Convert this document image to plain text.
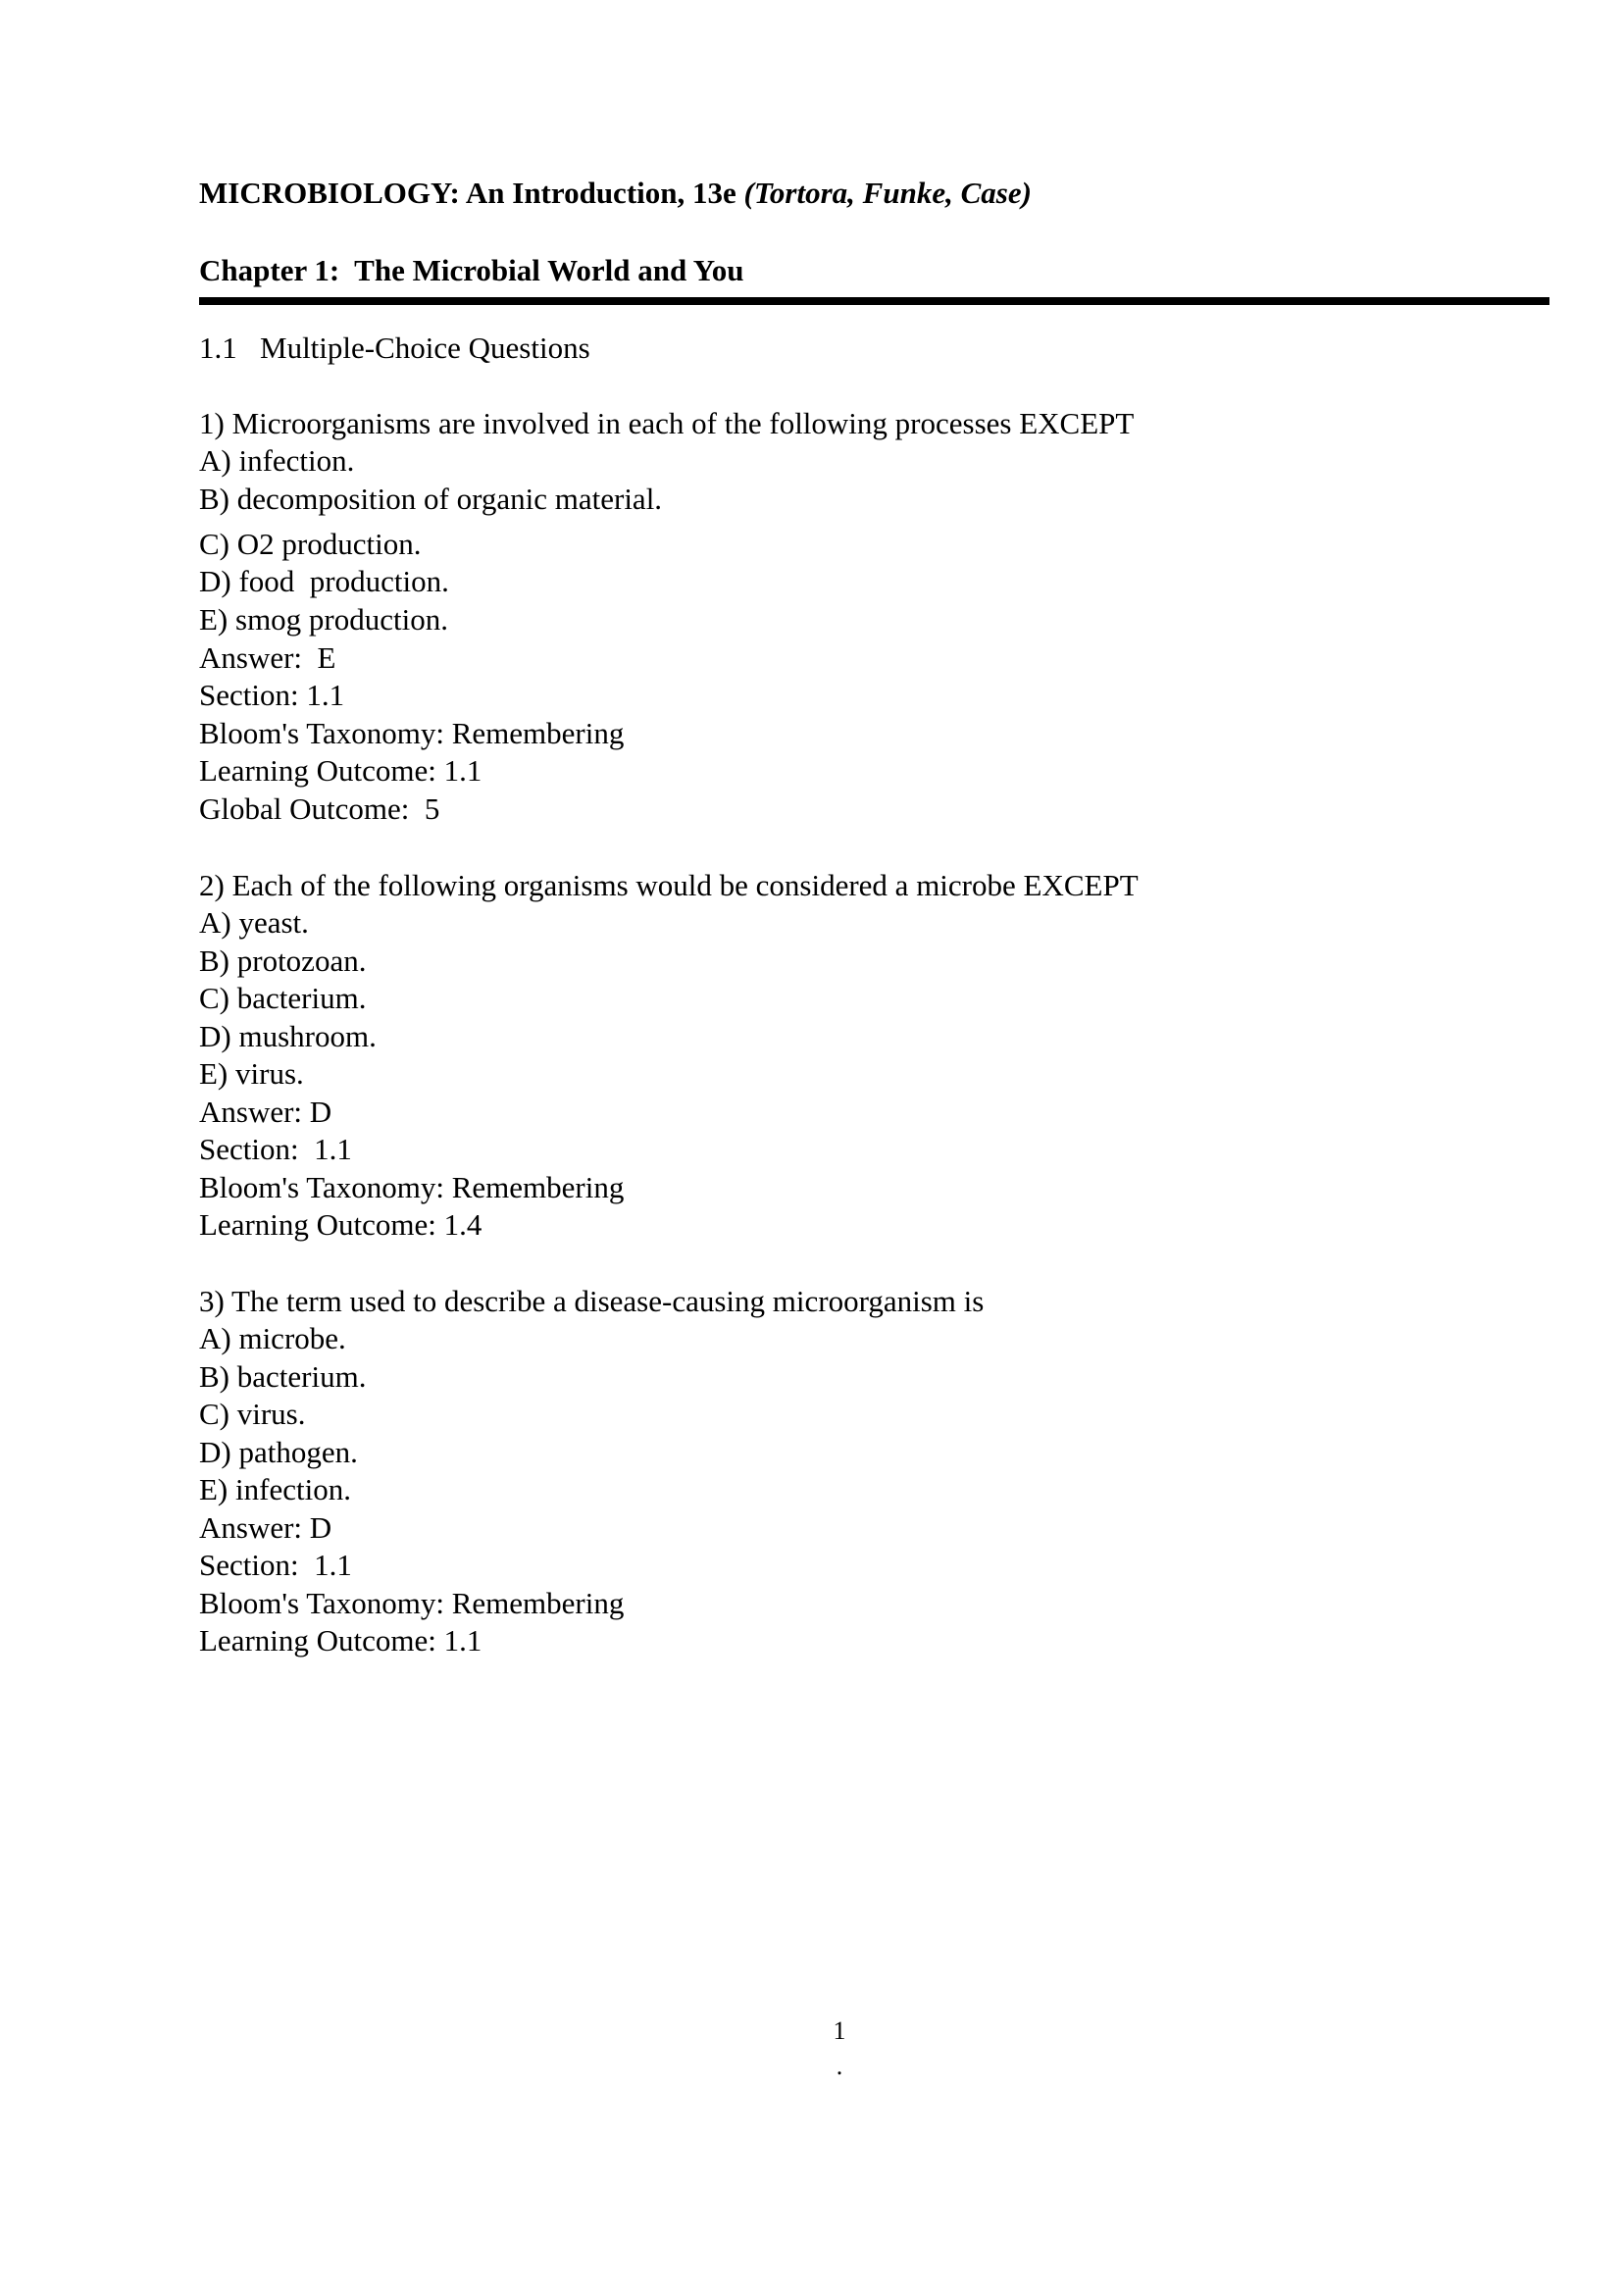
MICROBIOLOGY: An Introduction, 13e (Tortora, Funke, Case)
Chapter 1:  The Microbial World and You
1.1   Multiple-Choice Questions
1) Microorganisms are involved in each of the following processes EXCEPT
A) infection.
B) decomposition of organic material.
C) O2 production.
D) food  production.
E) smog production.
Answer:  E
Section: 1.1
Bloom's Taxonomy: Remembering
Learning Outcome: 1.1
Global Outcome:  5
2) Each of the following organisms would be considered a microbe EXCEPT
A) yeast.
B) protozoan.
C) bacterium.
D) mushroom.
E) virus.
Answer: D
Section:  1.1
Bloom's Taxonomy: Remembering
Learning Outcome: 1.4
3) The term used to describe a disease-causing microorganism is
A) microbe.
B) bacterium.
C) virus.
D) pathogen.
E) infection.
Answer: D
Section:  1.1
Bloom's Taxonomy: Remembering
Learning Outcome: 1.1
1
.
